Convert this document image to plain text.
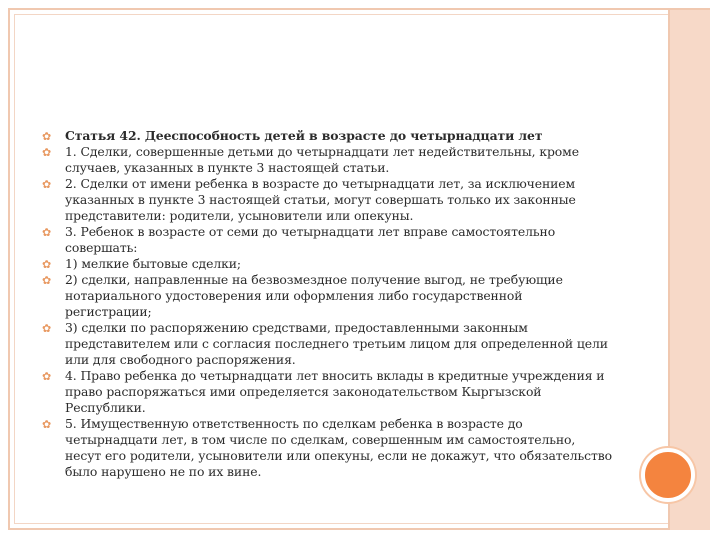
✿ Статья 42. Дееспособность детей в возрасте до четырнадцати лет
✿ 1. Сделки, совершенные детьми до четырнадцати лет недействительны, кроме случаев, указанных в пункте 3 настоящей статьи.
✿ 2. Сделки от имени ребенка в возрасте до четырнадцати лет, за исключением указанных в пункте 3 настоящей статьи, могут совершать только их законные представители: родители, усыновители или опекуны.
✿ 3. Ребенок в возрасте от семи до четырнадцати лет вправе самостоятельно совершать:
✿ 1) мелкие бытовые сделки;
✿ 2) сделки, направленные на безвозмездное получение выгод, не требующие нотариального удостоверения или оформления либо государственной регистрации;
✿ 3) сделки по распоряжению средствами, предоставленными законным представителем или с согласия последнего третьим лицом для определенной цели или для свободного распоряжения.
✿ 4. Право ребенка до четырнадцати лет вносить вклады в кредитные учреждения и право распоряжаться ими определяется законодательством Кыргызской Республики.
✿ 5. Имущественную ответственность по сделкам ребенка в возрасте до четырнадцати лет, в том числе по сделкам, совершенным им самостоятельно, несут его родители, усыновители или опекуны, если не докажут, что обязательство было нарушено не по их вине.
